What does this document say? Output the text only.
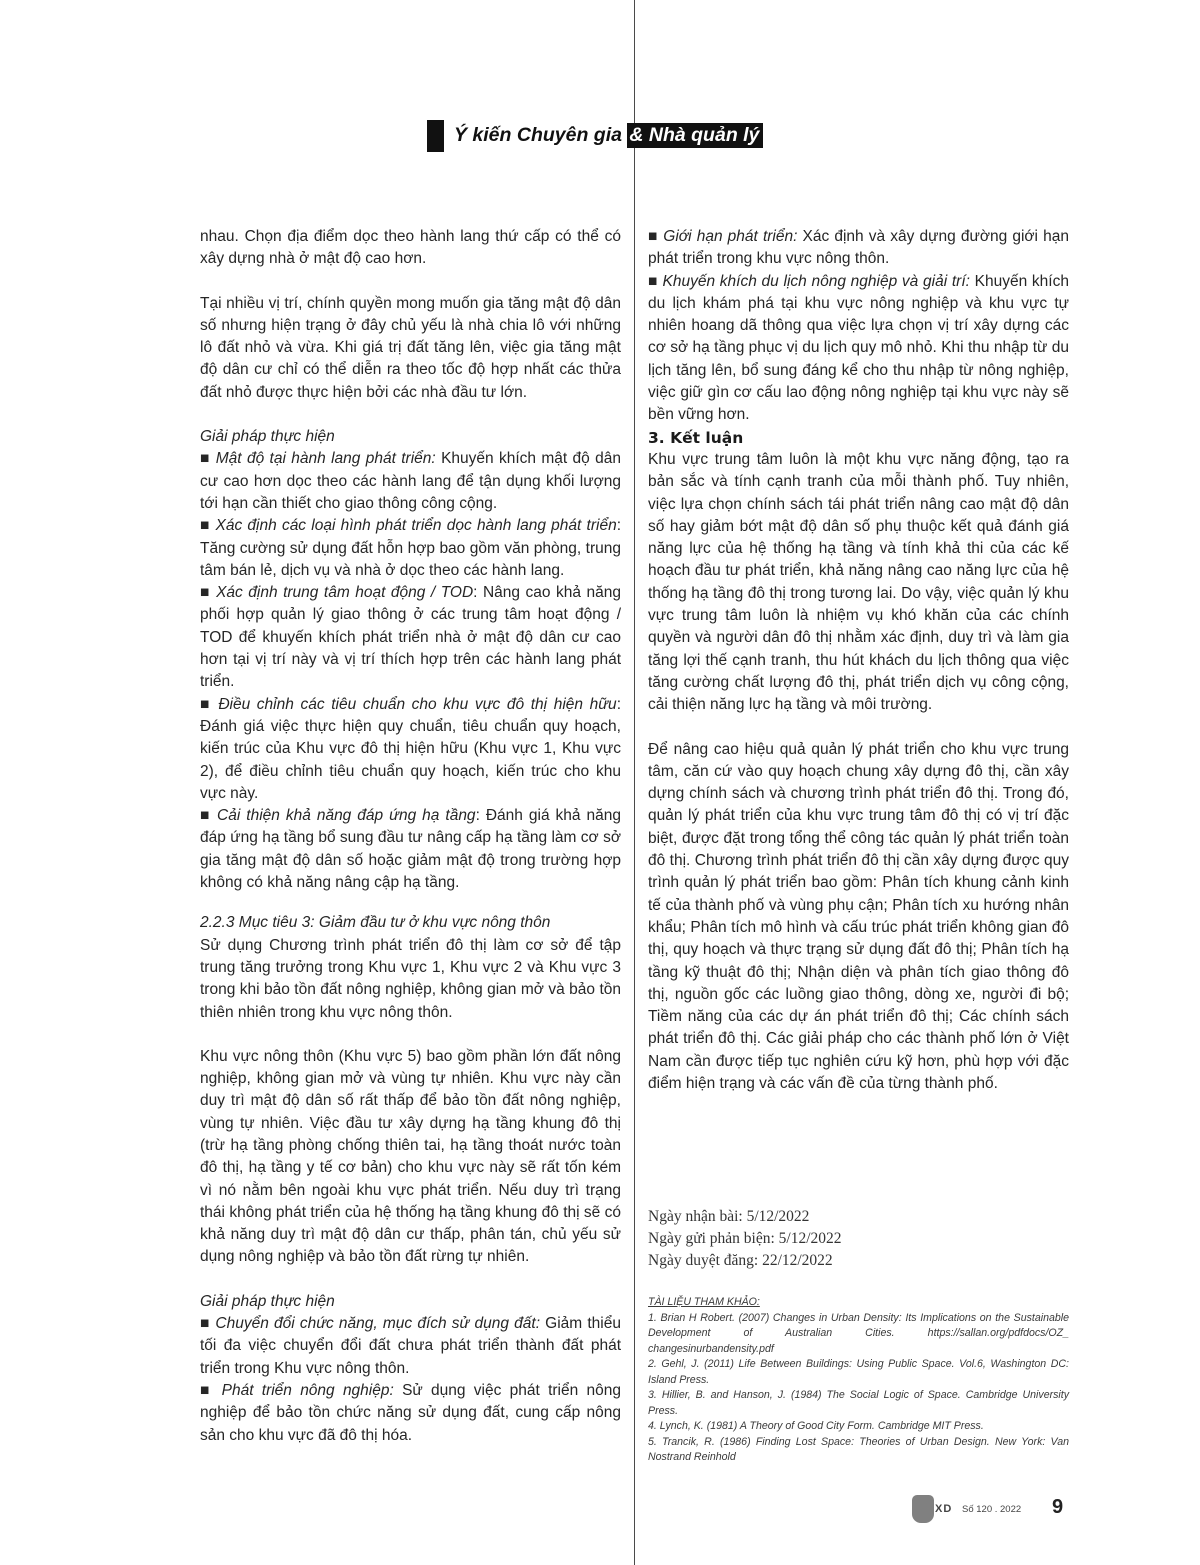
Ý kiến Chuyên gia & Nhà quản lý

nhau. Chọn địa điểm dọc theo hành lang thứ cấp có thể có xây dựng nhà ở mật độ cao hơn.

Tại nhiều vị trí, chính quyền mong muốn gia tăng mật độ dân số nhưng hiện trạng ở đây chủ yếu là nhà chia lô với những lô đất nhỏ và vừa. Khi giá trị đất tăng lên, việc gia tăng mật độ dân cư chỉ có thể diễn ra theo tốc độ hợp nhất các thửa đất nhỏ được thực hiện bởi các nhà đầu tư lớn.

Giải pháp thực hiện

■ Mật độ tại hành lang phát triển: Khuyến khích mật độ dân cư cao hơn dọc theo các hành lang để tận dụng khối lượng tới hạn cần thiết cho giao thông công cộng.

■ Xác định các loại hình phát triển dọc hành lang phát triển: Tăng cường sử dụng đất hỗn hợp bao gồm văn phòng, trung tâm bán lẻ, dịch vụ và nhà ở dọc theo các hành lang.

■ Xác định trung tâm hoạt động / TOD: Nâng cao khả năng phối hợp quản lý giao thông ở các trung tâm hoạt động / TOD để khuyến khích phát triển nhà ở mật độ dân cư cao hơn tại vị trí này và vị trí thích hợp trên các hành lang phát triển.

■ Điều chỉnh các tiêu chuẩn cho khu vực đô thị hiện hữu: Đánh giá việc thực hiện quy chuẩn, tiêu chuẩn quy hoạch, kiến trúc của Khu vực đô thị hiện hữu (Khu vực 1, Khu vực 2), để điều chỉnh tiêu chuẩn quy hoạch, kiến trúc cho khu vực này.

■ Cải thiện khả năng đáp ứng hạ tầng: Đánh giá khả năng đáp ứng hạ tầng bổ sung đầu tư nâng cấp hạ tầng làm cơ sở gia tăng mật độ dân số hoặc giảm mật độ trong trường hợp không có khả năng nâng cập hạ tầng.

2.2.3 Mục tiêu 3: Giảm đầu tư ở khu vực nông thôn

Sử dụng Chương trình phát triển đô thị làm cơ sở để tập trung tăng trưởng trong Khu vực 1, Khu vực 2 và Khu vực 3 trong khi bảo tồn đất nông nghiệp, không gian mở và bảo tồn thiên nhiên trong khu vực nông thôn.

Khu vực nông thôn (Khu vực 5) bao gồm phần lớn đất nông nghiệp, không gian mở và vùng tự nhiên. Khu vực này cần duy trì mật độ dân số rất thấp để bảo tồn đất nông nghiệp, vùng tự nhiên. Việc đầu tư xây dựng hạ tầng khung đô thị (trừ hạ tầng phòng chống thiên tai, hạ tầng thoát nước toàn đô thị, hạ tầng y tế cơ bản) cho khu vực này sẽ rất tốn kém vì nó nằm bên ngoài khu vực phát triển. Nếu duy trì trạng thái không phát triển của hệ thống hạ tầng khung đô thị sẽ có khả năng duy trì mật độ dân cư thấp, phân tán, chủ yếu sử dụng nông nghiệp và bảo tồn đất rừng tự nhiên.

Giải pháp thực hiện

■ Chuyển đổi chức năng, mục đích sử dụng đất: Giảm thiểu tối đa việc chuyển đổi đất chưa phát triển thành đất phát triển trong Khu vực nông thôn.

■ Phát triển nông nghiệp: Sử dụng việc phát triển nông nghiệp để bảo tồn chức năng sử dụng đất, cung cấp nông sản cho khu vực đã đô thị hóa.

■ Giới hạn phát triển: Xác định và xây dựng đường giới hạn phát triển trong khu vực nông thôn.

■ Khuyến khích du lịch nông nghiệp và giải trí: Khuyến khích du lịch khám phá tại khu vực nông nghiệp và khu vực tự nhiên hoang dã thông qua việc lựa chọn vị trí xây dựng các cơ sở hạ tầng phục vị du lịch quy mô nhỏ. Khi thu nhập từ du lịch tăng lên, bổ sung đáng kể cho thu nhập từ nông nghiệp, việc giữ gìn cơ cấu lao động nông nghiệp tại khu vực này sẽ bền vững hơn.

3. Kết luận

Khu vực trung tâm luôn là một khu vực năng động, tạo ra bản sắc và tính cạnh tranh của mỗi thành phố. Tuy nhiên, việc lựa chọn chính sách tái phát triển nâng cao mật độ dân số hay giảm bớt mật độ dân số phụ thuộc kết quả đánh giá năng lực của hệ thống hạ tầng và tính khả thi của các kế hoạch đầu tư phát triển, khả năng nâng cao năng lực của hệ thống hạ tầng đô thị trong tương lai. Do vậy, việc quản lý khu vực trung tâm luôn là nhiệm vụ khó khăn của các chính quyền và người dân đô thị nhằm xác định, duy trì và làm gia tăng lợi thế cạnh tranh, thu hút khách du lịch thông qua việc tăng cường chất lượng đô thị, phát triển dịch vụ công cộng, cải thiện năng lực hạ tầng và môi trường.

Để nâng cao hiệu quả quản lý phát triển cho khu vực trung tâm, căn cứ vào quy hoạch chung xây dựng đô thị, cần xây dựng chính sách và chương trình phát triển đô thị. Trong đó, quản lý phát triển của khu vực trung tâm đô thị có vị trí đặc biệt, được đặt trong tổng thể công tác quản lý phát triển toàn đô thị. Chương trình phát triển đô thị cần xây dựng được quy trình quản lý phát triển bao gồm: Phân tích khung cảnh kinh tế của thành phố và vùng phụ cận; Phân tích xu hướng nhân khẩu; Phân tích mô hình và cấu trúc phát triển không gian đô thị, quy hoạch và thực trạng sử dụng đất đô thị; Phân tích hạ tầng kỹ thuật đô thị; Nhận diện và phân tích giao thông đô thị, nguồn gốc các luồng giao thông, dòng xe, người đi bộ; Tiềm năng của các dự án phát triển đô thị; Các chính sách phát triển đô thị. Các giải pháp cho các thành phố lớn ở Việt Nam cần được tiếp tục nghiên cứu kỹ hơn, phù hợp với đặc điểm hiện trạng và các vấn đề của từng thành phố.

Ngày nhận bài: 5/12/2022
Ngày gửi phản biện: 5/12/2022
Ngày duyệt đăng: 22/12/2022

TÀI LIỆU THAM KHẢO:

1. Brian H Robert. (2007) Changes in Urban Density: Its Implications on the Sustainable Development of Australian Cities. https://sallan.org/pdfdocs/OZ_ changesinurbandensity.pdf

2. Gehl, J. (2011) Life Between Buildings: Using Public Space. Vol.6, Washington DC: Island Press.

3. Hillier, B. and Hanson, J. (1984) The Social Logic of Space. Cambridge University Press.

4. Lynch, K. (1981) A Theory of Good City Form. Cambridge MIT Press.

5. Trancik, R. (1986) Finding Lost Space: Theories of Urban Design. New York: Van Nostrand Reinhold

XD Số 120 . 2022 9
